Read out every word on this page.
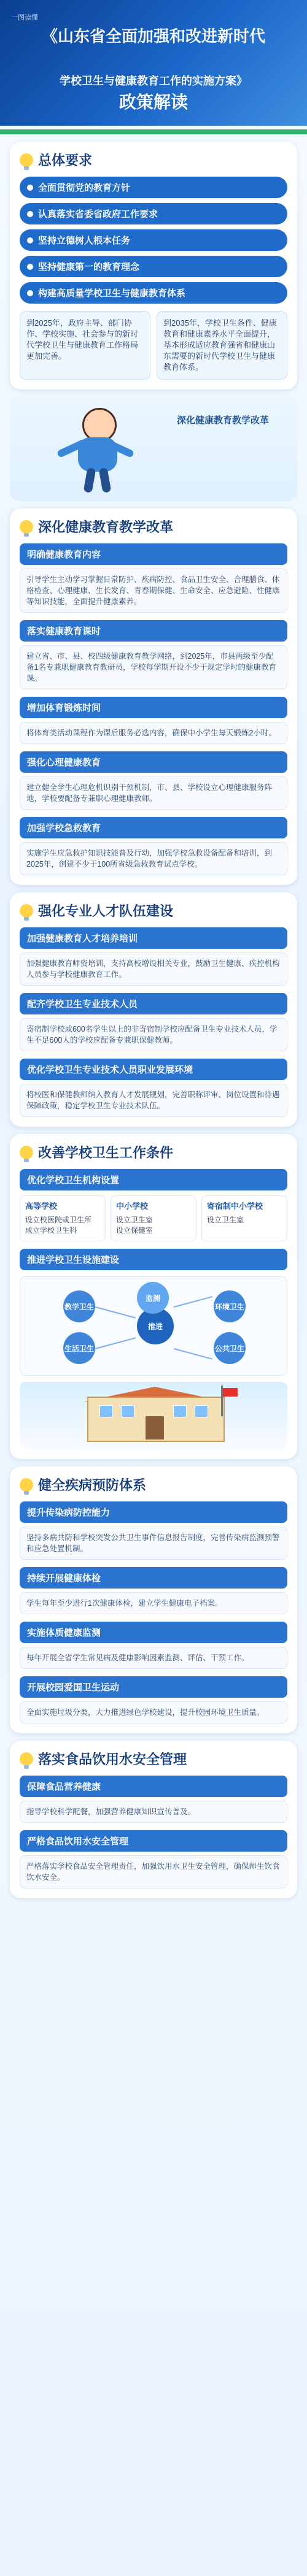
一图读懂
《山东省全面加强和改进新时代
学校卫生与健康教育工作的实施方案》
政策解读
总体要求
全面贯彻党的教育方针
认真落实省委省政府工作要求
坚持立德树人根本任务
坚持健康第一的教育理念
构建高质量学校卫生与健康教育体系
到2025年，政府主导、部门协作、学校实施、社会参与的新时代学校卫生与健康教育工作格局更加完善。
到2035年，学校卫生条件、健康教育和健康素养水平全面提升，基本形成适应教育强省和健康山东需要的新时代学校卫生与健康教育体系。
深化健康教育教学改革
深化健康教育教学改革
明确健康教育内容
引导学生主动学习掌握日常防护、疾病防控、食品卫生安全、合理膳食、体格检查、心理健康、生长发育、青春期保健、生命安全、应急避险、性健康等知识技能，全面提升健康素养。
落实健康教育课时
建立省、市、县、校四级健康教育教学网络，到2025年，市县两级至少配备1名专兼职健康教育教研员，学校每学期开设不少于规定学时的健康教育课。
增加体育锻炼时间
将体育类活动课程作为课后服务必选内容，确保中小学生每天锻炼2小时。
强化心理健康教育
建立健全学生心理危机识别干预机制，市、县、学校设立心理健康服务阵地，学校要配备专兼职心理健康教师。
加强学校急救教育
实施学生应急救护知识技能普及行动，加强学校急救设备配备和培训，到2025年，创建不少于100所省级急救教育试点学校。
强化专业人才队伍建设
加强健康教育人才培养培训
加强健康教育师资培训，支持高校增设相关专业，鼓励卫生健康、疾控机构人员参与学校健康教育工作。
配齐学校卫生专业技术人员
寄宿制学校或600名学生以上的非寄宿制学校应配备卫生专业技术人员，学生不足600人的学校应配备专兼职保健教师。
优化学校卫生专业技术人员职业发展环境
将校医和保健教师纳入教育人才发展规划，完善职称评审、岗位设置和待遇保障政策，稳定学校卫生专业技术队伍。
改善学校卫生工作条件
优化学校卫生机构设置
高等学校
设立校医院或卫生所
成立学校卫生科
中小学校
设立卫生室
设立保健室
寄宿制中小学校
设立卫生室
推进学校卫生设施建设
教学卫生
生活卫生
推进
环境卫生
公共卫生
监测
健全疾病预防体系
提升传染病防控能力
坚持多病共防和学校突发公共卫生事件信息报告制度，完善传染病监测预警和应急处置机制。
持续开展健康体检
学生每年至少进行1次健康体检，建立学生健康电子档案。
实施体质健康监测
每年开展全省学生常见病及健康影响因素监测、评估、干预工作。
开展校园爱国卫生运动
全面实施垃圾分类，大力推进绿色学校建设，提升校园环境卫生质量。
落实食品饮用水安全管理
保障食品营养健康
指导学校科学配餐，加强营养健康知识宣传普及。
严格食品饮用水安全管理
严格落实学校食品安全管理责任，加强饮用水卫生安全管理，确保师生饮食饮水安全。
